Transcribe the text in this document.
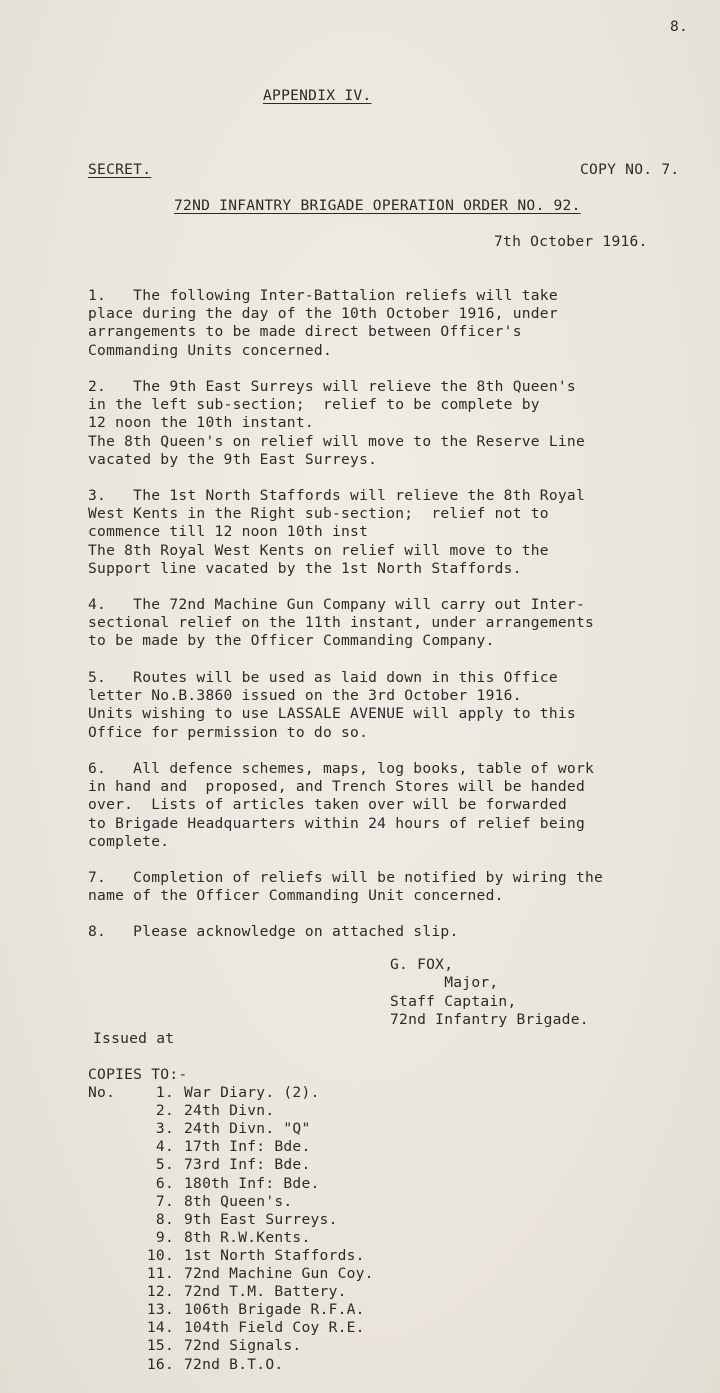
8.
APPENDIX IV.
SECRET.	COPY NO. 7.
72ND INFANTRY BRIGADE OPERATION ORDER NO. 92.
7th October 1916.
1.   The following Inter-Battalion reliefs will take
place during the day of the 10th October 1916, under
arrangements to be made direct between Officer's
Commanding Units concerned.
2.   The 9th East Surreys will relieve the 8th Queen's
in the left sub-section;  relief to be complete by
12 noon the 10th instant.
The 8th Queen's on relief will move to the Reserve Line
vacated by the 9th East Surreys.
3.   The 1st North Staffords will relieve the 8th Royal
West Kents in the Right sub-section;  relief not to
commence till 12 noon 10th inst
The 8th Royal West Kents on relief will move to the
Support line vacated by the 1st North Staffords.
4.   The 72nd Machine Gun Company will carry out Inter-
sectional relief on the 11th instant, under arrangements
to be made by the Officer Commanding Company.
5.   Routes will be used as laid down in this Office
letter No.B.3860 issued on the 3rd October 1916.
Units wishing to use LASSALE AVENUE will apply to this
Office for permission to do so.
6.   All defence schemes, maps, log books, table of work
in hand and  proposed, and Trench Stores will be handed
over.  Lists of articles taken over will be forwarded
to Brigade Headquarters within 24 hours of relief being
complete.
7.   Completion of reliefs will be notified by wiring the
name of the Officer Commanding Unit concerned.
8.   Please acknowledge on attached slip.
G. FOX,
Major,
Staff Captain,
72nd Infantry Brigade.
Issued at
COPIES TO:-
No.	1. War Diary. (2).
2. 24th Divn.
3. 24th Divn. "Q"
4. 17th Inf: Bde.
5. 73rd Inf: Bde.
6. 180th Inf: Bde.
7. 8th Queen's.
8. 9th East Surreys.
9. 8th R.W.Kents.
10. 1st North Staffords.
11. 72nd Machine Gun Coy.
12. 72nd T.M. Battery.
13. 106th Brigade R.F.A.
14. 104th Field Coy R.E.
15. 72nd Signals.
16. 72nd B.T.O.
